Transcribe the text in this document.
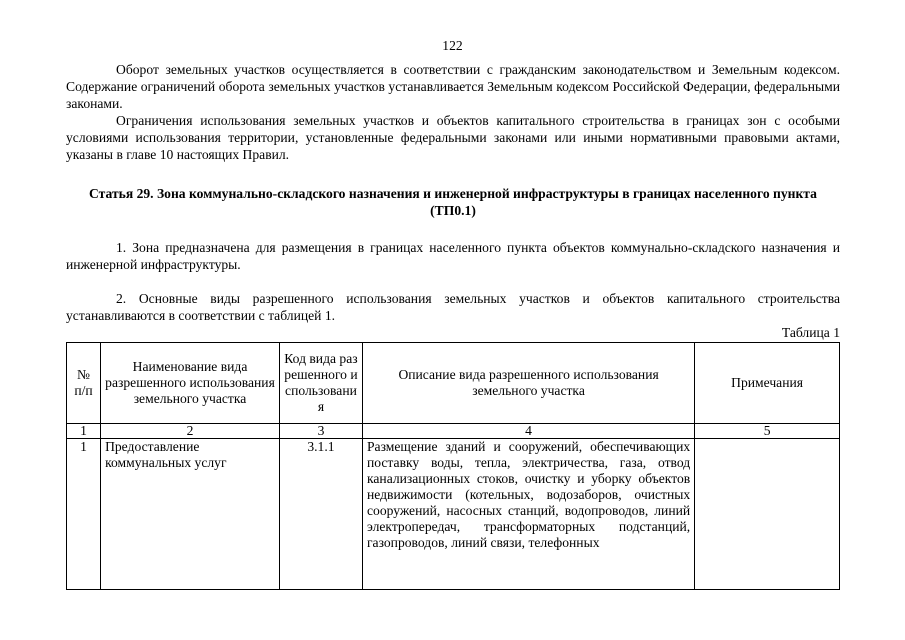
122

Оборот земельных участков осуществляется в соответствии с гражданским законодательством и Земельным кодексом. Содержание ограничений оборота земельных участков устанавливается Земельным кодексом Российской Федерации, федеральными законами.

Ограничения использования земельных участков и объектов капитального строительства в границах зон с особыми условиями использования территории, установленные федеральными законами или иными нормативными правовыми актами, указаны в главе 10 настоящих Правил.

Статья 29. Зона коммунально-складского назначения и инженерной инфраструктуры в границах населенного пункта (ТП0.1)

1. Зона предназначена для размещения в границах населенного пункта объектов коммунально-складского назначения и инженерной инфраструктуры.

2. Основные виды разрешенного использования земельных участков и объектов капитального строительства устанавливаются в соответствии с таблицей 1.

Таблица 1

№ п/п	Наименование вида разрешенного использования земельного участка	Код вида разрешенного использования	Описание вида разрешенного использования земельного участка	Примечания
1	2	3	4	5
1	Предоставление коммунальных услуг	3.1.1	Размещение зданий и сооружений, обеспечивающих поставку воды, тепла, электричества, газа, отвод канализационных стоков, очистку и уборку объектов недвижимости (котельных, водозаборов, очистных сооружений, насосных станций, водопроводов, линий электропередач, трансформаторных подстанций, газопроводов, линий связи, телефонных	
